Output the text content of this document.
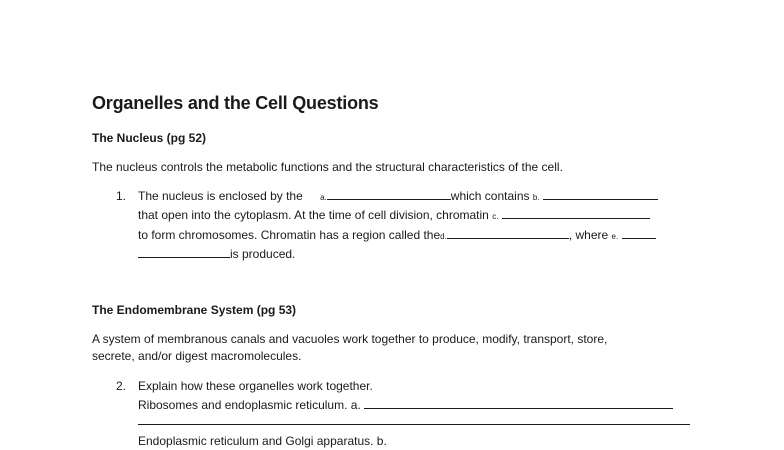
Organelles and the Cell Questions
The Nucleus (pg 52)
The nucleus controls the metabolic functions and the structural characteristics of the cell.
1. The nucleus is enclosed by the a.	which contains b.
that open into the cytoplasm. At the time of cell division, chromatin c.
to form chromosomes. Chromatin has a region called thed.	, where e.
is produced.
The Endomembrane System (pg 53)
A system of membranous canals and vacuoles work together to produce, modify, transport, store,
secrete, and/or digest macromolecules.
2. Explain how these organelles work together.
Ribosomes and endoplasmic reticulum. a.
Endoplasmic reticulum and Golgi apparatus. b.
